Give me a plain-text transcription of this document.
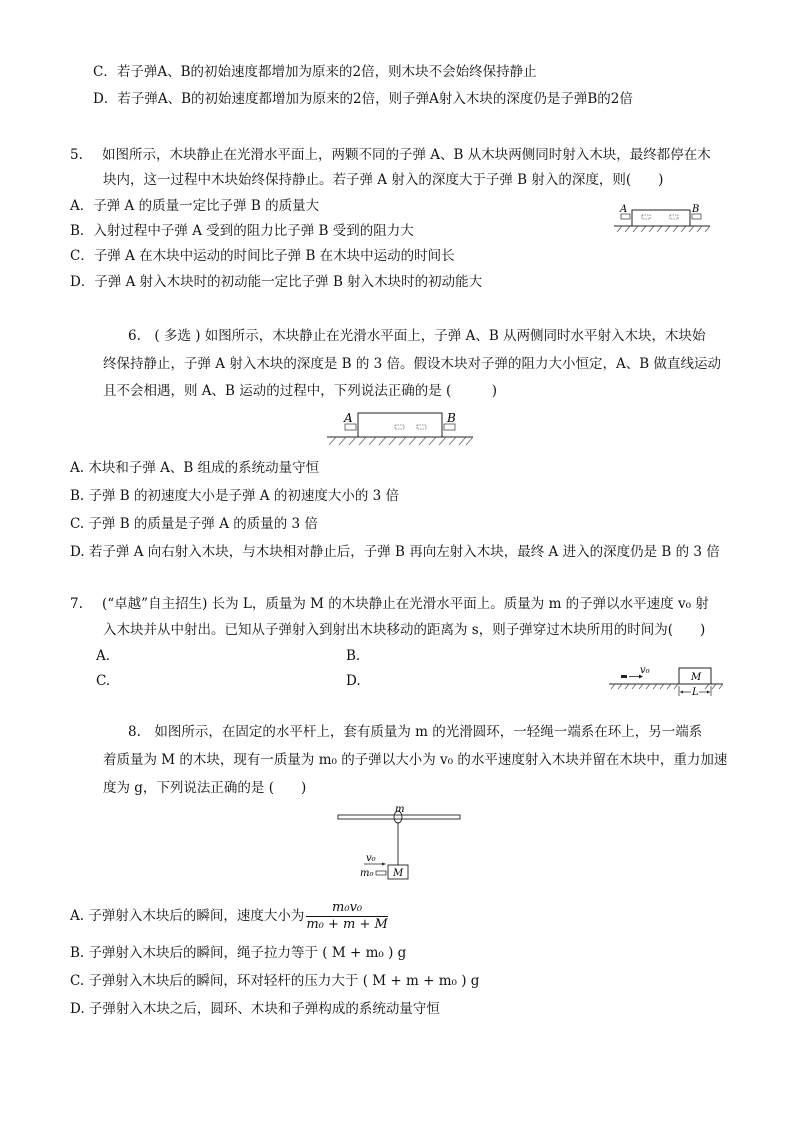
C．若子弹A、B的初始速度都增加为原来的2倍，则木块不会始终保持静止
D．若子弹A、B的初始速度都增加为原来的2倍，则子弹A射入木块的深度仍是子弹B的2倍
5. 如图所示，木块静止在光滑水平面上，两颗不同的子弹 A、B 从木块两侧同时射入木块，最终都停在木
块内，这一过程中木块始终保持静止。若子弹 A 射入的深度大于子弹 B 射入的深度，则(　　)
A．子弹 A 的质量一定比子弹 B 的质量大
B．入射过程中子弹 A 受到的阻力比子弹 B 受到的阻力大
C．子弹 A 在木块中运动的时间比子弹 B 在木块中运动的时间长
D．子弹 A 射入木块时的初动能一定比子弹 B 射入木块时的初动能大
A	B
6.　( 多选 ) 如图所示，木块静止在光滑水平面上，子弹 A、B 从两侧同时水平射入木块，木块始
终保持静止，子弹 A 射入木块的深度是 B 的 3 倍。假设木块对子弹的阻力大小恒定，A、B 做直线运动
且不会相遇，则 A、B 运动的过程中，下列说法正确的是 (　　　)
A	B
A. 木块和子弹 A、B 组成的系统动量守恒
B. 子弹 B 的初速度大小是子弹 A 的初速度大小的 3 倍
C. 子弹 B 的质量是子弹 A 的质量的 3 倍
D. 若子弹 A 向右射入木块，与木块相对静止后，子弹 B 再向左射入木块，最终 A 进入的深度仍是 B 的 3 倍
7. (“卓越”自主招生) 长为 L，质量为 M 的木块静止在光滑水平面上。质量为 m 的子弹以水平速度 v₀ 射
入木块并从中射出。已知从子弹射入到射出木块移动的距离为 s，则子弹穿过木块所用的时间为(　　)
A.	B.
C.	D.
v₀
M
L
8.　如图所示，在固定的水平杆上，套有质量为 m 的光滑圆环，一轻绳一端系在环上，另一端系
着质量为 M 的木块，现有一质量为 m₀ 的子弹以大小为 v₀ 的水平速度射入木块并留在木块中，重力加速
度为 g，下列说法正确的是 (　　)
m
M
v₀
m₀
A. 子弹射入木块后的瞬间，速度大小为 $\frac{\text{m₀v₀}}{\text{m₀ + m + M}}$
B. 子弹射入木块后的瞬间，绳子拉力等于 ( M + m₀ ) g
C. 子弹射入木块后的瞬间，环对轻杆的压力大于 ( M + m + m₀ ) g
D. 子弹射入木块之后，圆环、木块和子弹构成的系统动量守恒
